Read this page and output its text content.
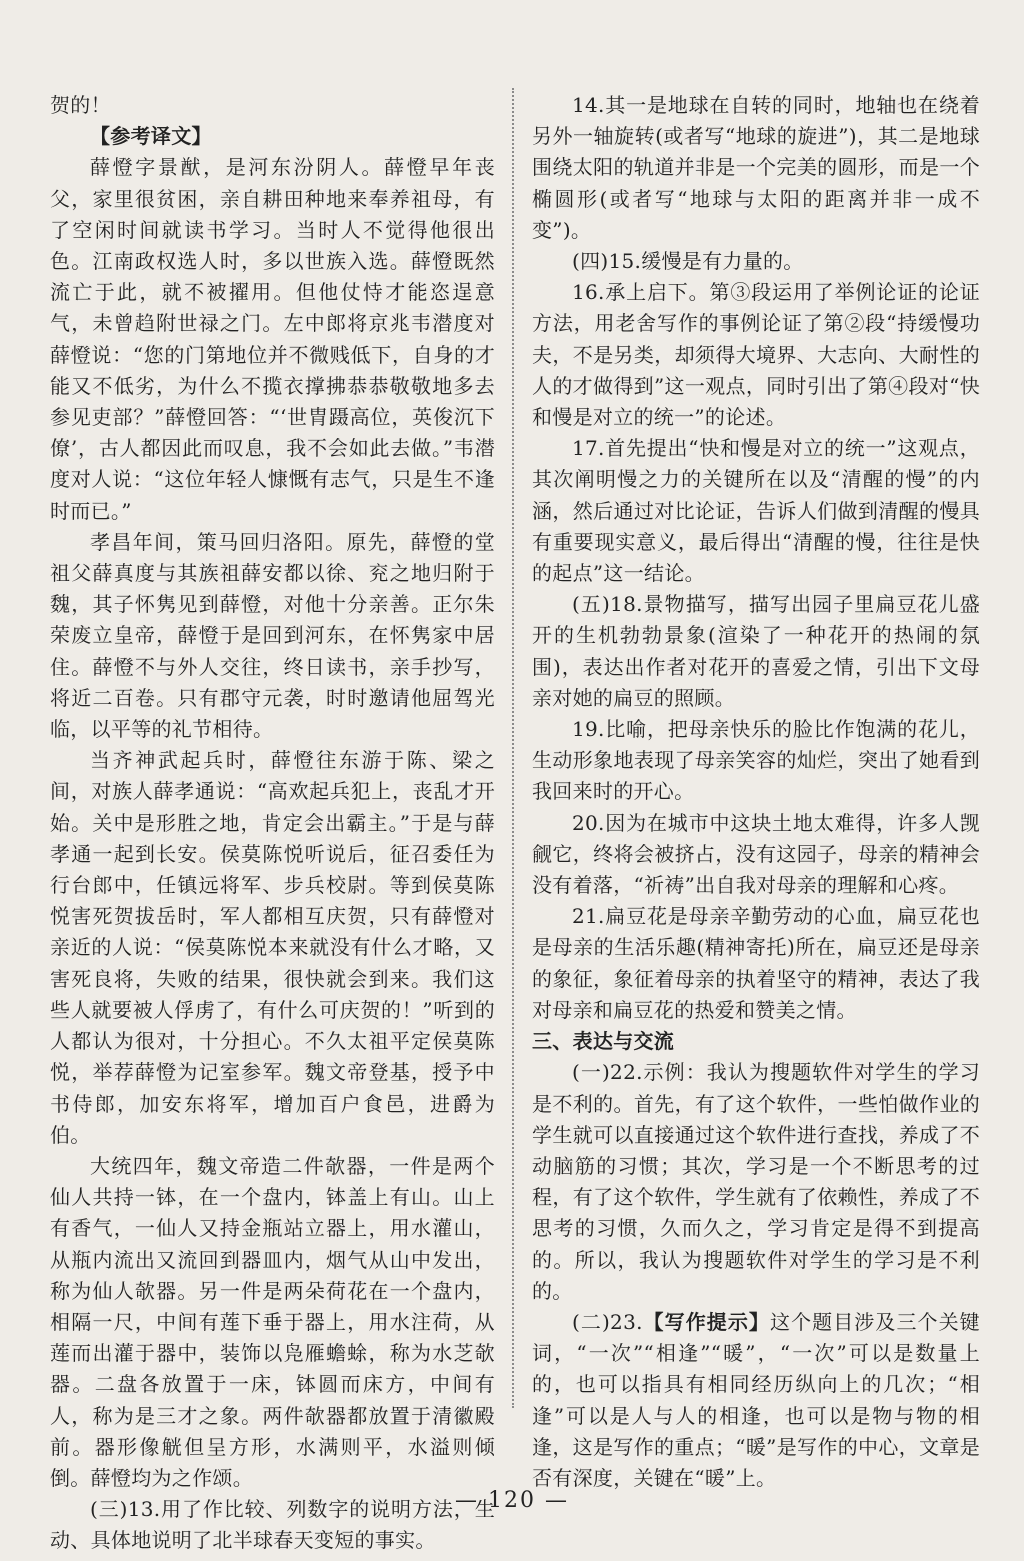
贺的！

【参考译文】

薛憕字景猷，是河东汾阴人。薛憕早年丧父，家里很贫困，亲自耕田种地来奉养祖母，有了空闲时间就读书学习。当时人不觉得他很出色。江南政权选人时，多以世族入选。薛憕既然流亡于此，就不被擢用。但他仗恃才能恣逞意气，未曾趋附世禄之门。左中郎将京兆韦潜度对薛憕说：“您的门第地位并不微贱低下，自身的才能又不低劣，为什么不揽衣撑拂恭恭敬敬地多去参见吏部？”薛憕回答：“‘世胄蹑高位，英俊沉下僚’，古人都因此而叹息，我不会如此去做。”韦潜度对人说：“这位年轻人慷慨有志气，只是生不逢时而已。”

孝昌年间，策马回归洛阳。原先，薛憕的堂祖父薛真度与其族祖薛安都以徐、兖之地归附于魏，其子怀隽见到薛憕，对他十分亲善。正尔朱荣废立皇帝，薛憕于是回到河东，在怀隽家中居住。薛憕不与外人交往，终日读书，亲手抄写，将近二百卷。只有郡守元袭，时时邀请他屈驾光临，以平等的礼节相待。

当齐神武起兵时，薛憕往东游于陈、梁之间，对族人薛孝通说：“高欢起兵犯上，丧乱才开始。关中是形胜之地，肯定会出霸主。”于是与薛孝通一起到长安。侯莫陈悦听说后，征召委任为行台郎中，任镇远将军、步兵校尉。等到侯莫陈悦害死贺拔岳时，军人都相互庆贺，只有薛憕对亲近的人说：“侯莫陈悦本来就没有什么才略，又害死良将，失败的结果，很快就会到来。我们这些人就要被人俘虏了，有什么可庆贺的！”听到的人都认为很对，十分担心。不久太祖平定侯莫陈悦，举荐薛憕为记室参军。魏文帝登基，授予中书侍郎，加安东将军，增加百户食邑，进爵为伯。

大统四年，魏文帝造二件欹器，一件是两个仙人共持一钵，在一个盘内，钵盖上有山。山上有香气，一仙人又持金瓶站立器上，用水灌山，从瓶内流出又流回到器皿内，烟气从山中发出，称为仙人欹器。另一件是两朵荷花在一个盘内，相隔一尺，中间有莲下垂于器上，用水注荷，从莲而出灌于器中，装饰以凫雁蟾蜍，称为水芝欹器。二盘各放置于一床，钵圆而床方，中间有人，称为是三才之象。两件欹器都放置于清徽殿前。器形像觥但呈方形，水满则平，水溢则倾倒。薛憕均为之作颂。

(三)13.用了作比较、列数字的说明方法，生动、具体地说明了北半球春天变短的事实。

14.其一是地球在自转的同时，地轴也在绕着另外一轴旋转(或者写“地球的旋进”)，其二是地球围绕太阳的轨道并非是一个完美的圆形，而是一个椭圆形(或者写“地球与太阳的距离并非一成不变”)。

(四)15.缓慢是有力量的。

16.承上启下。第③段运用了举例论证的论证方法，用老舍写作的事例论证了第②段“持缓慢功夫，不是另类，却须得大境界、大志向、大耐性的人的才做得到”这一观点，同时引出了第④段对“快和慢是对立的统一”的论述。

17.首先提出“快和慢是对立的统一”这观点，其次阐明慢之力的关键所在以及“清醒的慢”的内涵，然后通过对比论证，告诉人们做到清醒的慢具有重要现实意义，最后得出“清醒的慢，往往是快的起点”这一结论。

(五)18.景物描写，描写出园子里扁豆花儿盛开的生机勃勃景象(渲染了一种花开的热闹的氛围)，表达出作者对花开的喜爱之情，引出下文母亲对她的扁豆的照顾。

19.比喻，把母亲快乐的脸比作饱满的花儿，生动形象地表现了母亲笑容的灿烂，突出了她看到我回来时的开心。

20.因为在城市中这块土地太难得，许多人觊觎它，终将会被挤占，没有这园子，母亲的精神会没有着落，“祈祷”出自我对母亲的理解和心疼。

21.扁豆花是母亲辛勤劳动的心血，扁豆花也是母亲的生活乐趣(精神寄托)所在，扁豆还是母亲的象征，象征着母亲的执着坚守的精神，表达了我对母亲和扁豆花的热爱和赞美之情。

三、表达与交流

(一)22.示例：我认为搜题软件对学生的学习是不利的。首先，有了这个软件，一些怕做作业的学生就可以直接通过这个软件进行查找，养成了不动脑筋的习惯；其次，学习是一个不断思考的过程，有了这个软件，学生就有了依赖性，养成了不思考的习惯，久而久之，学习肯定是得不到提高的。所以，我认为搜题软件对学生的学习是不利的。

(二)23.【写作提示】这个题目涉及三个关键词，“一次”“相逢”“暖”，“一次”可以是数量上的，也可以指具有相同经历纵向上的几次；“相逢”可以是人与人的相逢，也可以是物与物的相逢，这是写作的重点；“暖”是写作的中心，文章是否有深度，关键在“暖”上。

— 120 —
